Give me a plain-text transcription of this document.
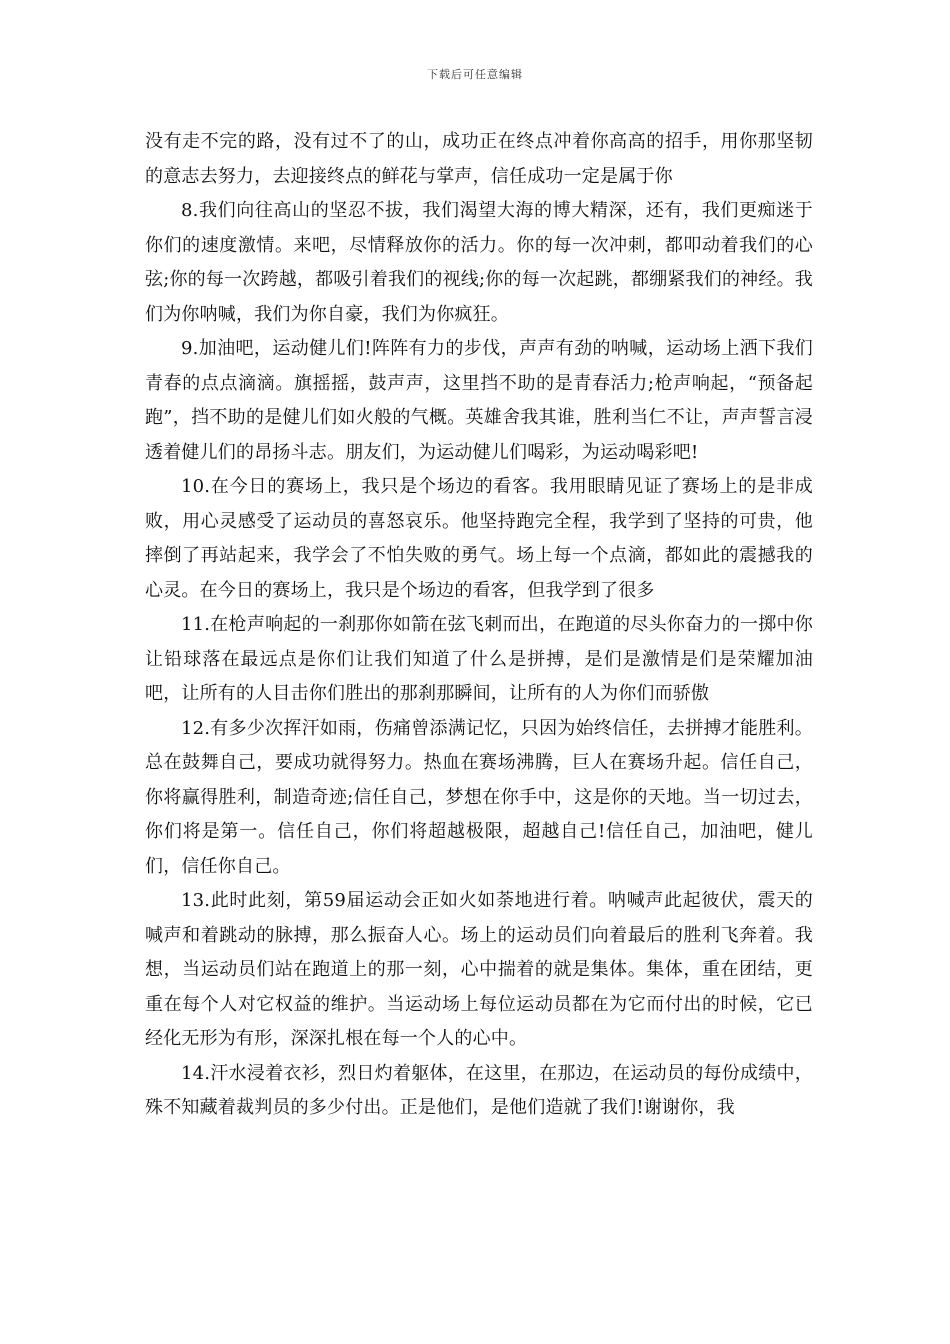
下载后可任意编辑

没有走不完的路，没有过不了的山，成功正在终点冲着你高高的招手，用你那坚韧的意志去努力，去迎接终点的鲜花与掌声，信任成功一定是属于你

8.我们向往高山的坚忍不拔，我们渴望大海的博大精深，还有，我们更痴迷于你们的速度激情。来吧，尽情释放你的活力。你的每一次冲刺，都叩动着我们的心弦;你的每一次跨越，都吸引着我们的视线;你的每一次起跳，都绷紧我们的神经。我们为你呐喊，我们为你自豪，我们为你疯狂。

9.加油吧，运动健儿们!阵阵有力的步伐，声声有劲的呐喊，运动场上洒下我们青春的点点滴滴。旗摇摇，鼓声声，这里挡不助的是青春活力;枪声响起，“预备起跑”，挡不助的是健儿们如火般的气概。英雄舍我其谁，胜利当仁不让，声声誓言浸透着健儿们的昂扬斗志。朋友们，为运动健儿们喝彩，为运动喝彩吧!

10.在今日的赛场上，我只是个场边的看客。我用眼睛见证了赛场上的是非成败，用心灵感受了运动员的喜怒哀乐。他坚持跑完全程，我学到了坚持的可贵，他摔倒了再站起来，我学会了不怕失败的勇气。场上每一个点滴，都如此的震撼我的心灵。在今日的赛场上，我只是个场边的看客，但我学到了很多

11.在枪声响起的一刹那你如箭在弦飞刺而出，在跑道的尽头你奋力的一掷中你让铅球落在最远点是你们让我们知道了什么是拼搏，是们是激情是们是荣耀加油吧，让所有的人目击你们胜出的那刹那瞬间，让所有的人为你们而骄傲

12.有多少次挥汗如雨，伤痛曾添满记忆，只因为始终信任，去拼搏才能胜利。总在鼓舞自己，要成功就得努力。热血在赛场沸腾，巨人在赛场升起。信任自己，你将赢得胜利，制造奇迹;信任自己，梦想在你手中，这是你的天地。当一切过去，你们将是第一。信任自己，你们将超越极限，超越自己!信任自己，加油吧，健儿们，信任你自己。

13.此时此刻，第59届运动会正如火如荼地进行着。呐喊声此起彼伏，震天的喊声和着跳动的脉搏，那么振奋人心。场上的运动员们向着最后的胜利飞奔着。我想，当运动员们站在跑道上的那一刻，心中揣着的就是集体。集体，重在团结，更重在每个人对它权益的维护。当运动场上每位运动员都在为它而付出的时候，它已经化无形为有形，深深扎根在每一个人的心中。

14.汗水浸着衣衫，烈日灼着躯体，在这里，在那边，在运动员的每份成绩中，殊不知藏着裁判员的多少付出。正是他们，是他们造就了我们!谢谢你，我
